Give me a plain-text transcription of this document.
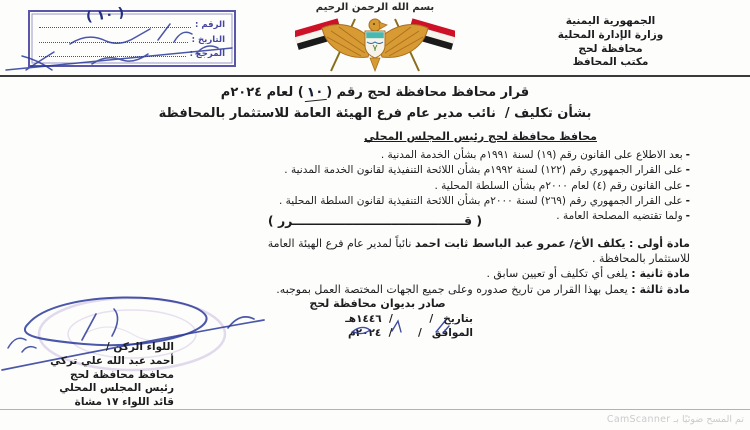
بسم الله الرحمن الرحيم
الجمهورية اليمنية
وزارة الإدارة المحلية
محافظة لحج
مكتب المحافظ
الرقم :
التاريخ :
المرجع :
( ١٠ )
قرار محافظ محافظة لحج رقم (١٠) لعام ٢٠٢٤م
بشأن تكليف /  نائب مدير عام فرع الهيئة العامة للاستثمار بالمحافظة
محافظ محافظة لحج رئيس المجلس المحلي
-بعد الاطلاع على القانون رقم (١٩) لسنة ١٩٩١م بشأن الخدمة المدنية .
-على القرار الجمهوري رقم (١٢٢) لسنة ١٩٩٢م بشأن اللائحة التنفيذية لقانون الخدمة المدنية .
-على القانون رقم (٤) لعام ٢٠٠٠م بشأن السلطة المحلية .
-على القرار الجمهوري رقم (٢٦٩) لسنة ٢٠٠٠م بشأن اللائحة التنفيذية لقانون السلطة المحلية .
-ولما تقتضيه المصلحة العامة .
( قــــــــــــــــــــــــــــــــــــــــرر )

مادة أولى : يكلف الأخ/ عمرو عبد الباسط ثابت احمد نائباً لمدير عام فرع الهيئة العامة
للاستثمار بالمحافظة .

مادة ثانية : يلغى أي تكليف أو تعيين سابق .

مادة ثالثة : يعمل بهذا القرار من تاريخ صدوره وعلى جميع الجهات المختصة العمل بموجبه.

صادر بديوان محافظة لحج
بتاريخ
/          /  ١٤٤٦هـ
الموافق
/       /  ٢٠٢٤م
اللواء الركن /
أحمد عبد الله علي تركي
محافظ محافظة لحج
رئيس المجلس المحلي
قائد اللواء ١٧ مشاة
تم المسح ضوئيًا بـ CamScanner
